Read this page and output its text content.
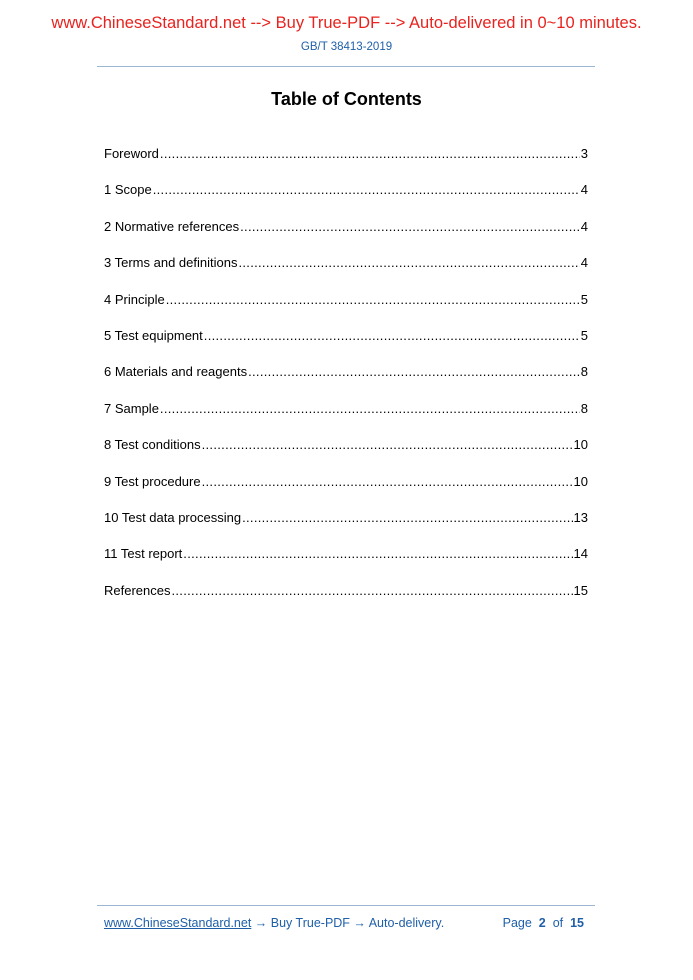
www.ChineseStandard.net --> Buy True-PDF --> Auto-delivered in 0~10 minutes.
GB/T 38413-2019
Table of Contents
Foreword .....	3
1 Scope .....	4
2 Normative references .....	4
3 Terms and definitions .....	4
4 Principle .....	5
5 Test equipment .....	5
6 Materials and reagents .....	8
7 Sample .....	8
8 Test conditions .....	10
9 Test procedure .....	10
10 Test data processing .....	13
11 Test report .....	14
References .....	15
www.ChineseStandard.net → Buy True-PDF → Auto-delivery.	Page 2 of 15
